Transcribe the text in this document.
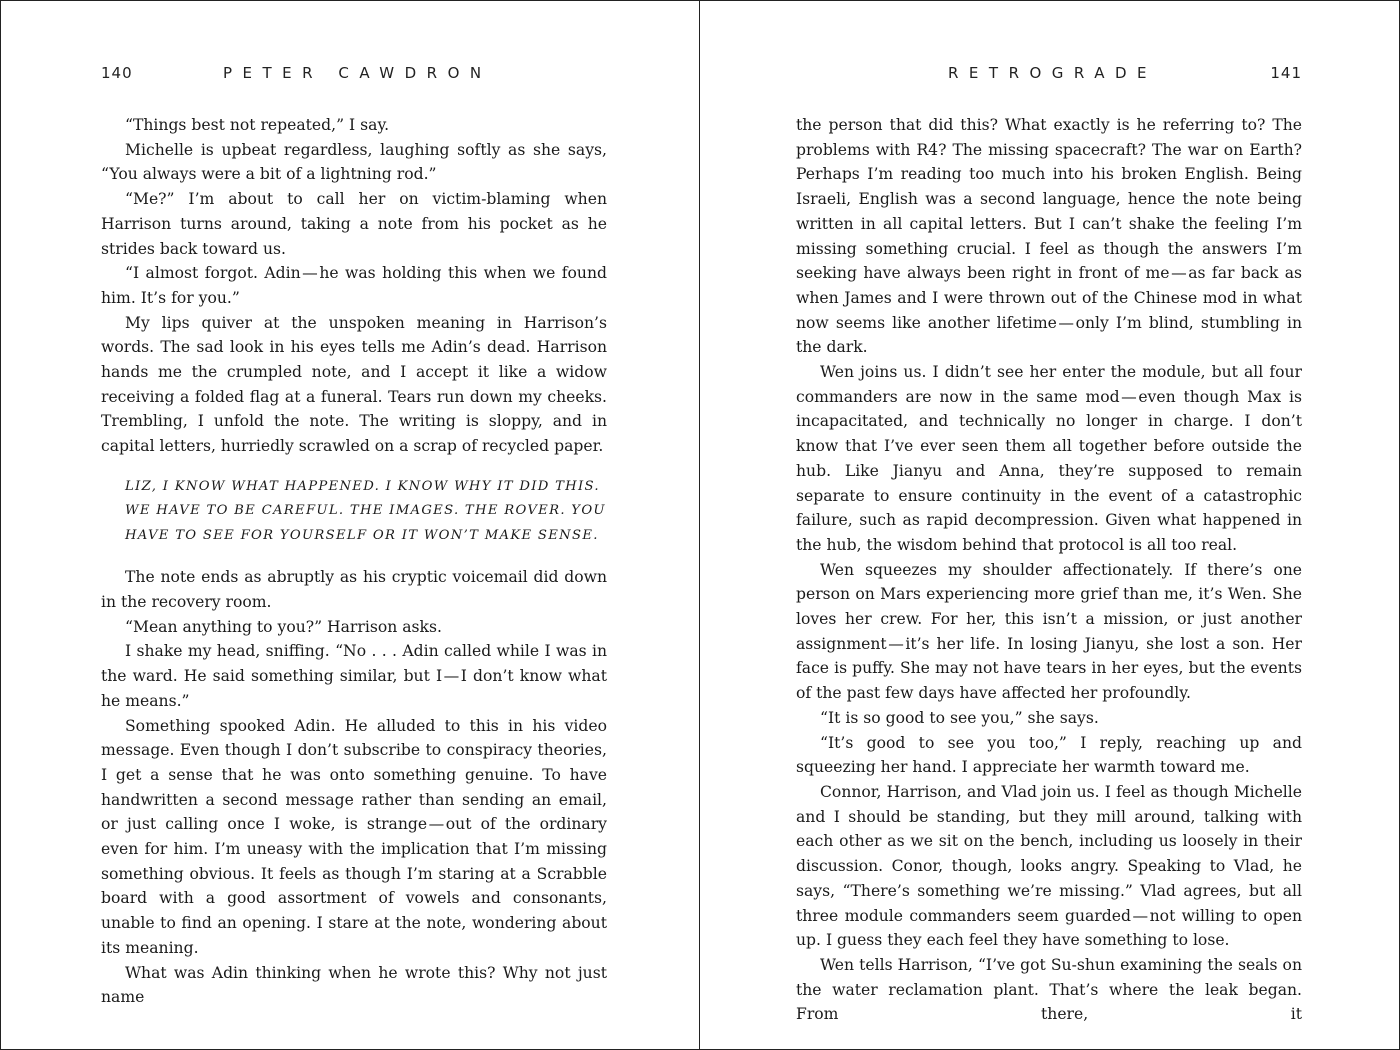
140	PETER CAWDRON

“Things best not repeated,” I say.

Michelle is upbeat regardless, laughing softly as she says, “You always were a bit of a lightning rod.”

“Me?” I’m about to call her on victim-blaming when Harrison turns around, taking a note from his pocket as he strides back toward us.

“I almost forgot. Adin — he was holding this when we found him. It’s for you.”

My lips quiver at the unspoken meaning in Harrison’s words. The sad look in his eyes tells me Adin’s dead. Harrison hands me the crumpled note, and I accept it like a widow receiving a folded flag at a funeral. Tears run down my cheeks. Trembling, I unfold the note. The writing is sloppy, and in capital letters, hurriedly scrawled on a scrap of recycled paper.

LIZ, I KNOW WHAT HAPPENED. I KNOW WHY IT DID THIS. WE HAVE TO BE CAREFUL. THE IMAGES. THE ROVER. YOU HAVE TO SEE FOR YOURSELF OR IT WON’T MAKE SENSE.

The note ends as abruptly as his cryptic voicemail did down in the recovery room.

“Mean anything to you?” Harrison asks.

I shake my head, sniffing. “No . . . Adin called while I was in the ward. He said something similar, but I — I don’t know what he means.”

Something spooked Adin. He alluded to this in his video message. Even though I don’t subscribe to conspiracy theories, I get a sense that he was onto something genuine. To have handwritten a second message rather than sending an email, or just calling once I woke, is strange — out of the ordinary even for him. I’m uneasy with the implication that I’m missing something obvious. It feels as though I’m staring at a Scrabble board with a good assortment of vowels and consonants, unable to find an opening. I stare at the note, wondering about its meaning.

What was Adin thinking when he wrote this? Why not just name

RETROGRADE	141

the person that did this? What exactly is he referring to? The problems with R4? The missing spacecraft? The war on Earth? Perhaps I’m reading too much into his broken English. Being Israeli, English was a second language, hence the note being written in all capital letters. But I can’t shake the feeling I’m missing something crucial. I feel as though the answers I’m seeking have always been right in front of me — as far back as when James and I were thrown out of the Chinese mod in what now seems like another lifetime — only I’m blind, stumbling in the dark.

Wen joins us. I didn’t see her enter the module, but all four commanders are now in the same mod — even though Max is incapacitated, and technically no longer in charge. I don’t know that I’ve ever seen them all together before outside the hub. Like Jianyu and Anna, they’re supposed to remain separate to ensure continuity in the event of a catastrophic failure, such as rapid decompression. Given what happened in the hub, the wisdom behind that protocol is all too real.

Wen squeezes my shoulder affectionately. If there’s one person on Mars experiencing more grief than me, it’s Wen. She loves her crew. For her, this isn’t a mission, or just another assignment — it’s her life. In losing Jianyu, she lost a son. Her face is puffy. She may not have tears in her eyes, but the events of the past few days have affected her profoundly.

“It is so good to see you,” she says.

“It’s good to see you too,” I reply, reaching up and squeezing her hand. I appreciate her warmth toward me.

Connor, Harrison, and Vlad join us. I feel as though Michelle and I should be standing, but they mill around, talking with each other as we sit on the bench, including us loosely in their discussion. Conor, though, looks angry. Speaking to Vlad, he says, “There’s something we’re missing.” Vlad agrees, but all three module commanders seem guarded — not willing to open up. I guess they each feel they have something to lose.

Wen tells Harrison, “I’ve got Su-shun examining the seals on the water reclamation plant. That’s where the leak began. From there, it
